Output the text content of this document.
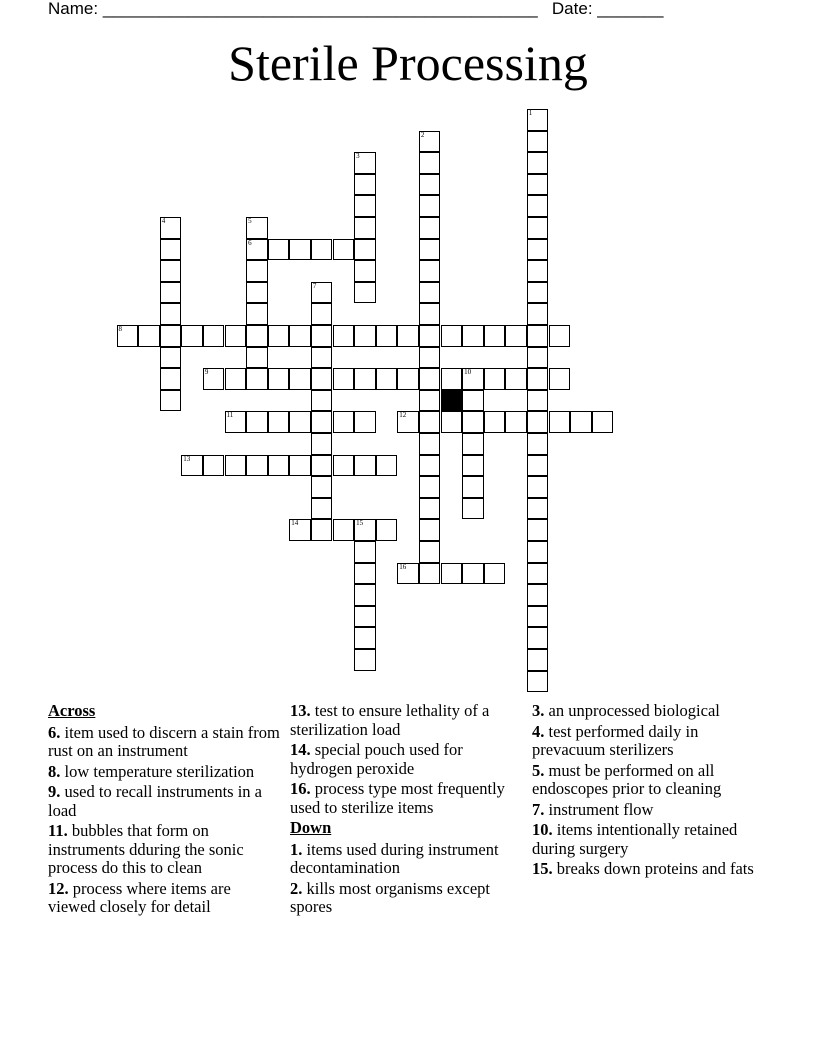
Name: ______________________________________________ Date: _______
Sterile Processing
1
2
3
4	5
6
7
8
9	10
11	12
13
14	15
16
Across
6. item used to discern a stain from rust on an instrument
8. low temperature sterilization
9. used to recall instruments in a load
11. bubbles that form on instruments dduring the sonic process do this to clean
12. process where items are viewed closely for detail
13. test to ensure lethality of a sterilization load
14. special pouch used for hydrogen peroxide
16. process type most frequently used to sterilize items
Down
1. items used during instrument decontamination
2. kills most organisms except spores
3. an unprocessed biological
4. test performed daily in prevacuum sterilizers
5. must be performed on all endoscopes prior to cleaning
7. instrument flow
10. items intentionally retained during surgery
15. breaks down proteins and fats
